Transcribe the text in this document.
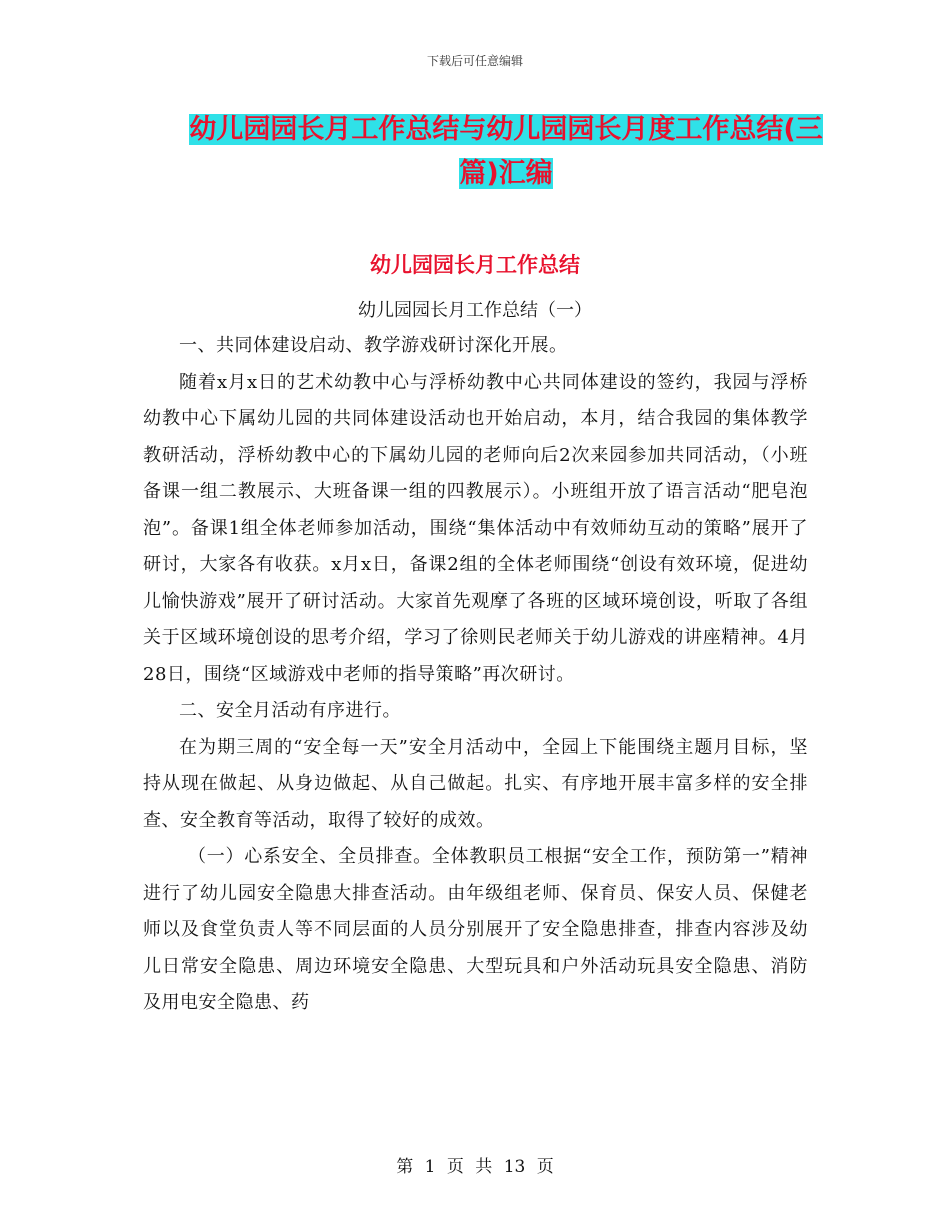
下载后可任意编辑
幼儿园园长月工作总结与幼儿园园长月度工作总结(三篇)汇编
幼儿园园长月工作总结
幼儿园园长月工作总结（一）

一、共同体建设启动、教学游戏研讨深化开展。

随着x月x日的艺术幼教中心与浮桥幼教中心共同体建设的签约，我园与浮桥幼教中心下属幼儿园的共同体建设活动也开始启动，本月，结合我园的集体教学教研活动，浮桥幼教中心的下属幼儿园的老师向后2次来园参加共同活动，（小班备课一组二教展示、大班备课一组的四教展示）。小班组开放了语言活动“肥皂泡泡”。备课1组全体老师参加活动，围绕“集体活动中有效师幼互动的策略”展开了研讨，大家各有收获。x月x日，备课2组的全体老师围绕“创设有效环境，促进幼儿愉快游戏”展开了研讨活动。大家首先观摩了各班的区域环境创设，听取了各组关于区域环境创设的思考介绍，学习了徐则民老师关于幼儿游戏的讲座精神。4月28日，围绕“区域游戏中老师的指导策略”再次研讨。

二、安全月活动有序进行。

在为期三周的“安全每一天”安全月活动中，全园上下能围绕主题月目标，坚持从现在做起、从身边做起、从自己做起。扎实、有序地开展丰富多样的安全排查、安全教育等活动，取得了较好的成效。

（一）心系安全、全员排查。全体教职员工根据“安全工作，预防第一”精神进行了幼儿园安全隐患大排查活动。由年级组老师、保育员、保安人员、保健老师以及食堂负责人等不同层面的人员分别展开了安全隐患排查，排查内容涉及幼儿日常安全隐患、周边环境安全隐患、大型玩具和户外活动玩具安全隐患、消防及用电安全隐患、药

第 1 页 共 13 页
